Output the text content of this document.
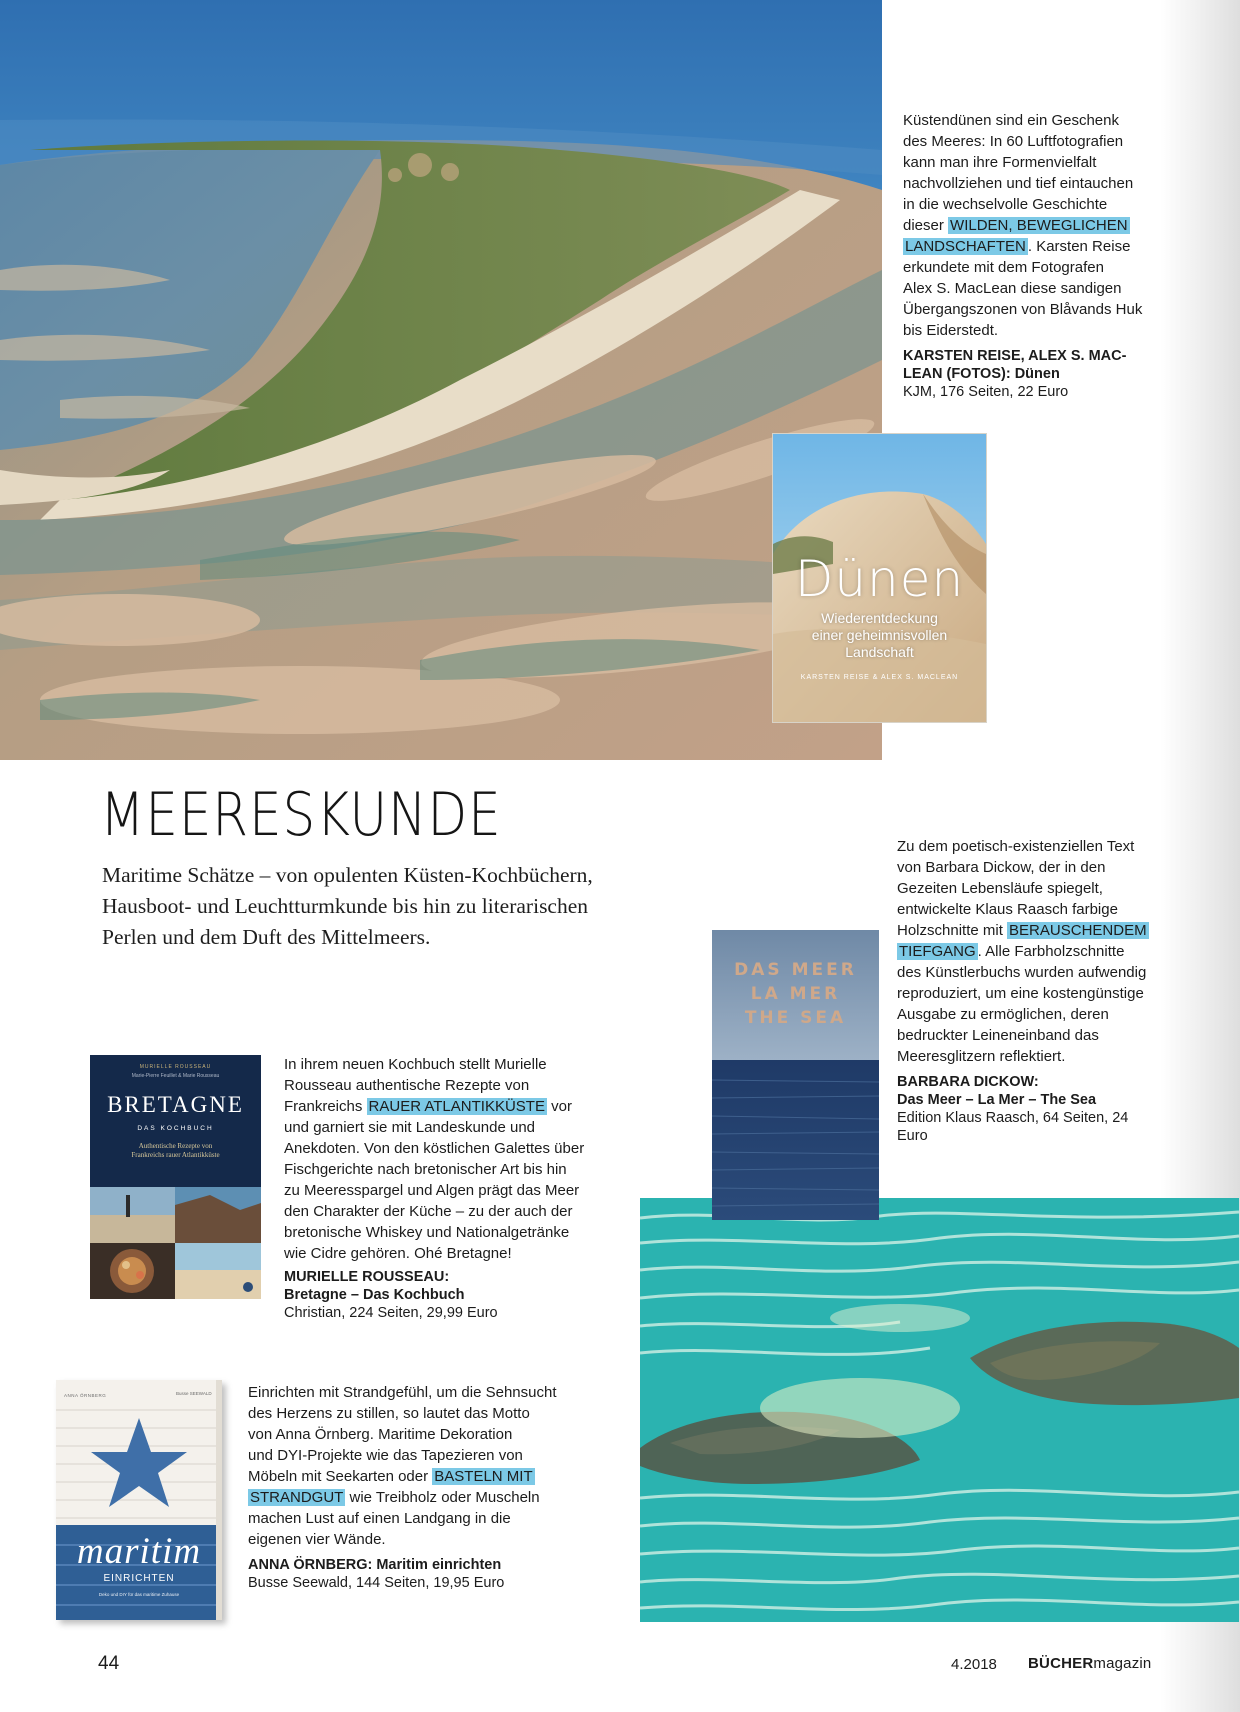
Küstendünen sind ein Geschenk
des Meeres: In 60 Luftfotografien
kann man ihre Formenvielfalt
nachvollziehen und tief eintauchen
in die wechselvolle Geschichte
dieser WILDEN, BEWEGLICHEN
LANDSCHAFTEN . Karsten Reise
erkundete mit dem Fotografen
Alex S. MacLean diese sandigen
Übergangszonen von Blåvands Huk
bis Eiderstedt.
KARSTEN REISE, ALEX S. MAC-
LEAN (FOTOS): Dünen
KJM, 176 Seiten, 22 Euro
Dünen
Wiederentdeckung
einer geheimnisvollen
Landschaft
KARSTEN REISE & ALEX S. MACLEAN
MEERESKUNDE
Maritime Schätze – von opulenten Küsten-Kochbüchern,
Hausboot- und Leuchtturmkunde bis hin zu literarischen
Perlen und dem Duft des Mittelmeers.
MURIELLE ROUSSEAU
Marie-Pierre Feuillet & Marie Rousseau
BRETAGNE
DAS KOCHBUCH
Authentische Rezepte von
Frankreichs rauer Atlantikküste
In ihrem neuen Kochbuch stellt Murielle
Rousseau authentische Rezepte von
Frankreichs RAUER ATLANTIKKÜSTE vor
und garniert sie mit Landeskunde und
Anekdoten. Von den köstlichen Galettes über
Fischgerichte nach bretonischer Art bis hin
zu Meeresspargel und Algen prägt das Meer
den Charakter der Küche – zu der auch der
bretonische Whiskey und Nationalgetränke
wie Cidre gehören. Ohé Bretagne!
MURIELLE ROUSSEAU:
Bretagne – Das Kochbuch
Christian, 224 Seiten, 29,99 Euro
ANNA ÖRNBERG	Busse SEEWALD
maritim
EINRICHTEN
Deko und DIY für das maritime Zuhause
Einrichten mit Strandgefühl, um die Sehnsucht
des Herzens zu stillen, so lautet das Motto
von Anna Örnberg. Maritime Dekoration
und DYI-Projekte wie das Tapezieren von
Möbeln mit Seekarten oder BASTELN MIT
STRANDGUT wie Treibholz oder Muscheln
machen Lust auf einen Landgang in die
eigenen vier Wände.
ANNA ÖRNBERG: Maritim einrichten
Busse Seewald, 144 Seiten, 19,95 Euro
Zu dem poetisch-existenziellen Text
von Barbara Dickow, der in den
Gezeiten Lebensläufe spiegelt,
entwickelte Klaus Raasch farbige
Holzschnitte mit BERAUSCHENDEM
TIEFGANG . Alle Farbholzschnitte
des Künstlerbuchs wurden aufwendig
reproduziert, um eine kostengünstige
Ausgabe zu ermöglichen, deren
bedruckter Leineneinband das
Meeresglitzern reflektiert.
BARBARA DICKOW:
Das Meer – La Mer – The Sea
Edition Klaus Raasch, 64 Seiten, 24 Euro
DAS MEER
LA MER
THE SEA
44	4.2018 BÜCHERmagazin
